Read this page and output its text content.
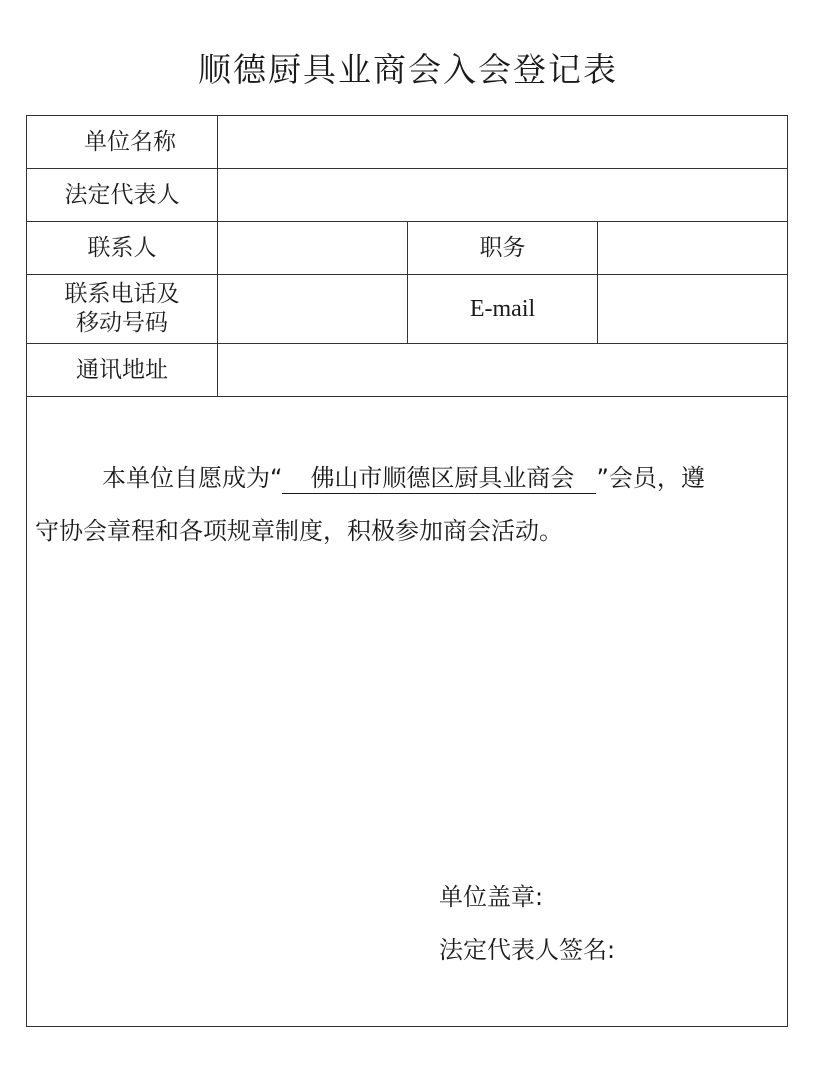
顺德厨具业商会入会登记表
单位名称
法定代表人
联系人	职务
联系电话及
移动号码
E-mail
通讯地址
本单位自愿成为“ 佛山市顺德区厨具业商会 ”会员，遵
守协会章程和各项规章制度，积极参加商会活动。
单位盖章:
法定代表人签名:
